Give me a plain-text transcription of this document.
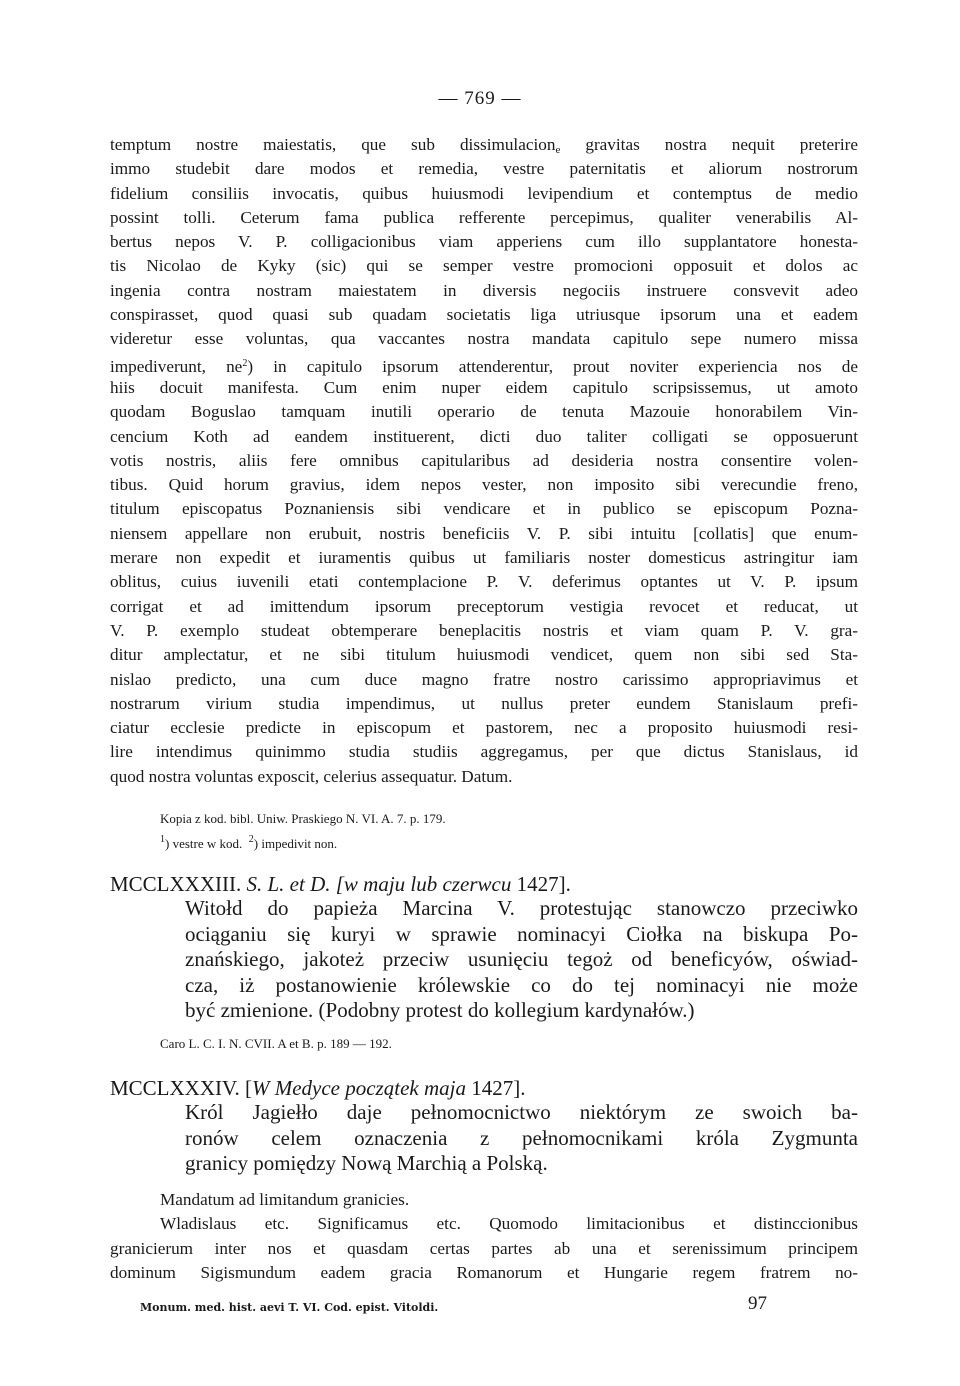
— 769 —
temptum nostre maiestatis, que sub dissimulacion$_e$ gravitas nostra nequit preterire
immo studebit dare modos et remedia, vestre paternitatis et aliorum nostrorum
fidelium consiliis invocatis, quibus huiusmodi levipendium et contemptus de medio
possint tolli. Ceterum fama publica refferente percepimus, qualiter venerabilis Al-
bertus nepos V. P. colligacionibus viam apperiens cum illo supplantatore honesta-
tis Nicolao de Kyky (sic) qui se semper vestre promocioni opposuit et dolos ac
ingenia contra nostram maiestatem in diversis negociis instruere consvevit adeo
conspirasset, quod quasi sub quadam societatis liga utriusque ipsorum una et eadem
videretur esse voluntas, qua vaccantes nostra mandata capitulo sepe numero missa
impediverunt, $ne^2$) in capitulo ipsorum attenderentur, prout noviter experiencia nos de
hiis docuit manifesta. Cum enim nuper eidem capitulo scripsissemus, ut amoto
quodam Boguslao tamquam inutili operario de tenuta Mazouie honorabilem Vin-
cencium Koth ad eandem instituerent, dicti duo taliter colligati se opposuerunt
votis nostris, aliis fere omnibus capitularibus ad desideria nostra consentire volen-
tibus. Quid horum gravius, idem nepos vester, non imposito sibi verecundie freno,
titulum episcopatus Poznaniensis sibi vendicare et in publico se episcopum Pozna-
niensem appellare non erubuit, nostris beneficiis V. P. sibi intuitu [collatis] que enum-
merare non expedit et iuramentis quibus ut familiaris noster domesticus astringitur iam
oblitus, cuius iuvenili etati contemplacione P. V. deferimus optantes ut V. P. ipsum
corrigat et ad imittendum ipsorum preceptorum vestigia revocet et reducat, ut
V. P. exemplo studeat obtemperare beneplacitis nostris et viam quam P. V. gra-
ditur amplectatur, et ne sibi titulum huiusmodi vendicet, quem non sibi sed Sta-
nislao predicto, una cum duce magno fratre nostro carissimo appropriavimus et
nostrarum virium studia impendimus, ut nullus preter eundem Stanislaum prefi-
ciatur ecclesie predicte in episcopum et pastorem, nec a proposito huiusmodi resi-
lire intendimus quinimmo studia studiis aggregamus, per que dictus Stanislaus, id
quod nostra voluntas exposcit, celerius assequatur. Datum.
Kopia z kod. bibl. Uniw. Praskiego N. VI. A. 7. p. 179.
$^1$) vestre w kod. $^2$) impedivit non.
MCCLXXXIII. S. L. et D. [w maju lub czerwcu 1427].
Witołd do papieża Marcina V. protestując stanowczo przeciwko
ociąganiu się kuryi w sprawie nominacyi Ciołka na biskupa Po-
znańskiego, jakoteż przeciw usunięciu tegoż od beneficyów, oświad-
cza, iż postanowienie królewskie co do tej nominacyi nie może
być zmienione. (Podobny protest do kollegium kardynałów.)
Caro L. C. I. N. CVII. A et B. p. 189 — 192.
MCCLXXXIV. [W Medyce początek maja 1427].
Król Jagiełło daje pełnomocnictwo niektórym ze swoich ba-
ronów celem oznaczenia z pełnomocnikami króla Zygmunta
granicy pomiędzy Nową Marchią a Polską.
Mandatum ad limitandum granicies.
Wladislaus etc. Significamus etc. Quomodo limitacionibus et distinccionibus
granicierum inter nos et quasdam certas partes ab una et serenissimum principem
dominum Sigismundum eadem gracia Romanorum et Hungarie regem fratrem no-
Monum. med. hist. aevi T. VI. Cod. epist. Vitoldi.	97
